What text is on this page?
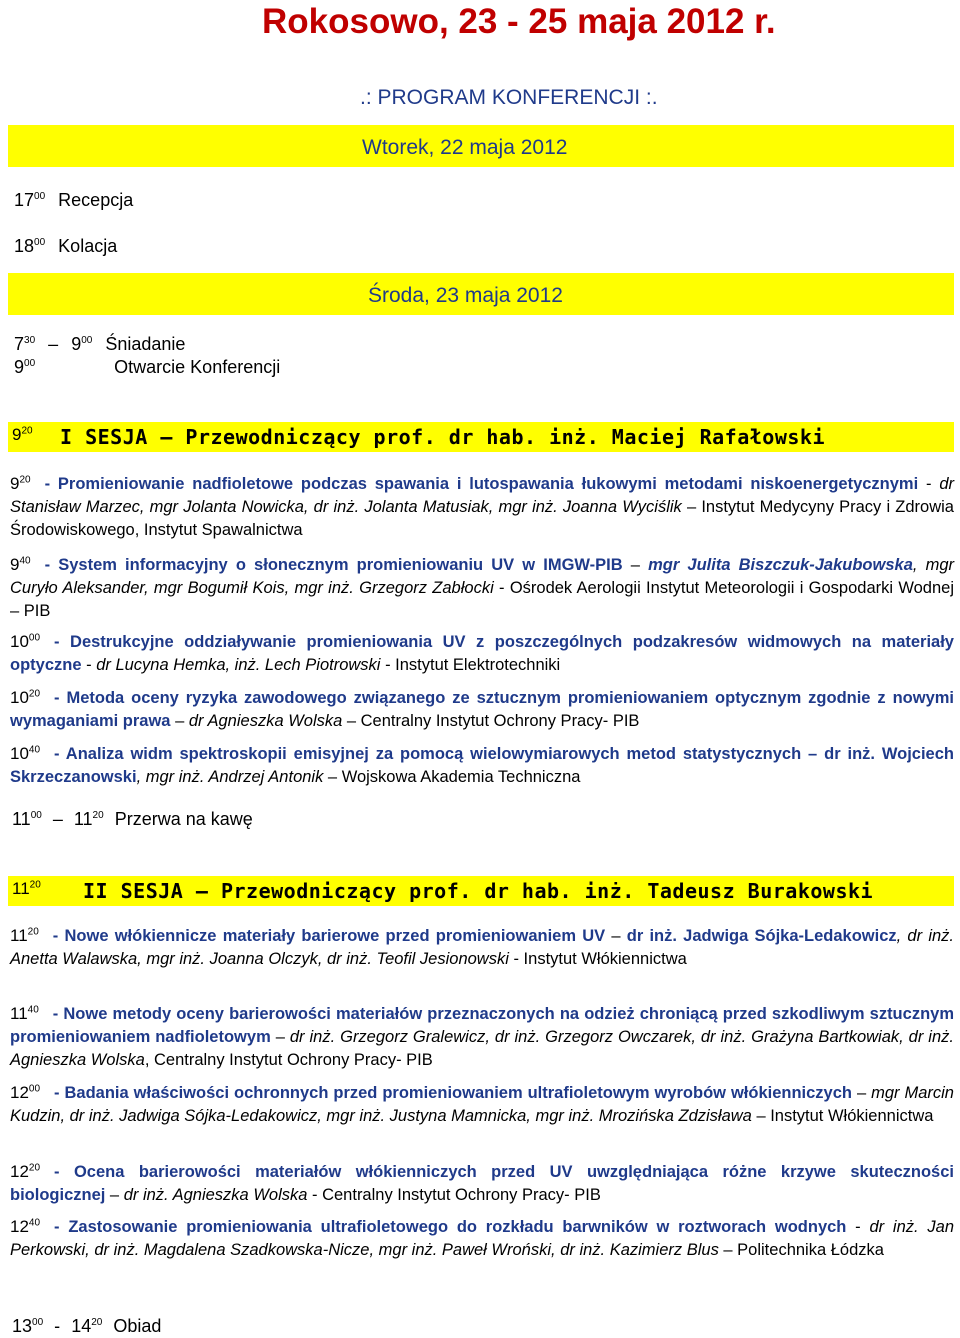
Rokosowo, 23 - 25 maja 2012 r.
.: PROGRAM KONFERENCJI :.
Wtorek, 22 maja 2012
$17^{00}$ Recepcja
$18^{00}$ Kolacja
Środa, 23 maja 2012
$7^{30} - 9^{00}$ Śniadanie
$9^{00}$	Otwarcie Konferencji
$9^{20}$ I SESJA – Przewodniczący prof. dr hab. inż. Maciej Rafałowski
$9^{20}$ - Promieniowanie nadfioletowe podczas spawania i lutospawania łukowymi metodami niskoenergetycznymi - dr Stanisław Marzec, mgr Jolanta Nowicka, dr inż. Jolanta Matusiak, mgr inż. Joanna Wyciślik – Instytut Medycyny Pracy i Zdrowia Środowiskowego, Instytut Spawalnictwa
$9^{40}$ - System informacyjny o słonecznym promieniowaniu UV w IMGW-PIB – mgr Julita Biszczuk-Jakubowska, mgr Curyło Aleksander, mgr Bogumił Kois, mgr inż. Grzegorz Zabłocki - Ośrodek Aerologii Instytut Meteorologii i Gospodarki Wodnej – PIB
$10^{00}$ - Destrukcyjne oddziaływanie promieniowania UV z poszczególnych podzakresów widmowych na materiały optyczne - dr Lucyna Hemka, inż. Lech Piotrowski - Instytut Elektrotechniki
$10^{20}$ - Metoda oceny ryzyka zawodowego związanego ze sztucznym promieniowaniem optycznym zgodnie z nowymi wymaganiami prawa – dr Agnieszka Wolska – Centralny Instytut Ochrony Pracy- PIB
$10^{40}$ - Analiza widm spektroskopii emisyjnej za pomocą wielowymiarowych metod statystycznych – dr inż. Wojciech Skrzeczanowski, mgr inż. Andrzej Antonik – Wojskowa Akademia Techniczna
$11^{00} - 11^{20}$ Przerwa na kawę
$11^{20}$ II SESJA – Przewodniczący prof. dr hab. inż. Tadeusz Burakowski
$11^{20}$ - Nowe włókiennicze materiały barierowe przed promieniowaniem UV – dr inż. Jadwiga Sójka-Ledakowicz, dr inż. Anetta Walawska, mgr inż. Joanna Olczyk, dr inż. Teofil Jesionowski - Instytut Włókiennictwa
$11^{40}$ - Nowe metody oceny barierowości materiałów przeznaczonych na odzież chroniącą przed szkodliwym sztucznym promieniowaniem nadfioletowym – dr inż. Grzegorz Gralewicz, dr inż. Grzegorz Owczarek, dr inż. Grażyna Bartkowiak, dr inż. Agnieszka Wolska, Centralny Instytut Ochrony Pracy- PIB
$12^{00}$ - Badania właściwości ochronnych przed promieniowaniem ultrafioletowym wyrobów włókienniczych – mgr Marcin Kudzin, dr inż. Jadwiga Sójka-Ledakowicz, mgr inż. Justyna Mamnicka, mgr inż. Mrozińska Zdzisława – Instytut Włókiennictwa
$12^{20}$ - Ocena barierowości materiałów włókienniczych przed UV uwzględniająca różne krzywe skuteczności biologicznej – dr inż. Agnieszka Wolska - Centralny Instytut Ochrony Pracy- PIB
$12^{40}$ - Zastosowanie promieniowania ultrafioletowego do rozkładu barwników w roztworach wodnych - dr inż. Jan Perkowski, dr inż. Magdalena Szadkowska-Nicze, mgr inż. Paweł Wroński, dr inż. Kazimierz Blus – Politechnika Łódzka
$13^{00} - 14^{20}$ Obiad
